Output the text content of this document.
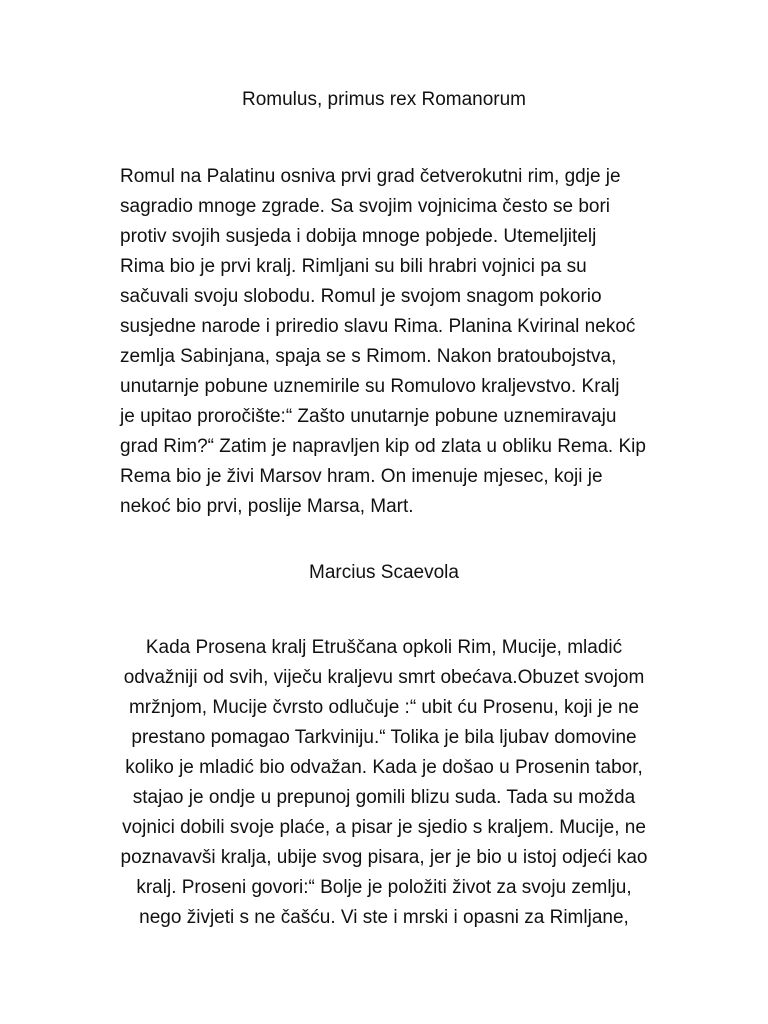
Romulus, primus rex Romanorum
Romul na Palatinu osniva prvi grad četverokutni rim, gdje je
sagradio mnoge zgrade. Sa svojim vojnicima često se bori
protiv svojih susjeda i dobija mnoge pobjede. Utemeljitelj
Rima bio je prvi kralj. Rimljani su bili hrabri vojnici pa su
sačuvali svoju slobodu. Romul je svojom snagom pokorio
susjedne narode i priredio slavu Rima. Planina Kvirinal nekoć
zemlja Sabinjana, spaja se s Rimom. Nakon bratoubojstva,
unutarnje pobune uznemirile su Romulovo kraljevstvo. Kralj
je upitao proročište:“ Zašto unutarnje pobune uznemiravaju
grad Rim?“ Zatim je napravljen kip od zlata u obliku Rema. Kip
Rema bio je živi Marsov hram. On imenuje mjesec, koji je
nekoć bio prvi, poslije Marsa, Mart.
Marcius Scaevola
Kada Prosena kralj Etruščana opkoli Rim, Mucije, mladić
odvažniji od svih, viječu kraljevu smrt obećava.Obuzet svojom
mržnjom, Mucije čvrsto odlučuje :“ ubit ću Prosenu, koji je ne
prestano pomagao Tarkviniju.“ Tolika je bila ljubav domovine
koliko je mladić bio odvažan. Kada je došao u Prosenin tabor,
stajao je ondje u prepunoj gomili blizu suda. Tada su možda
vojnici dobili svoje plaće, a pisar je sjedio s kraljem. Mucije, ne
poznavavši kralja, ubije svog pisara, jer je bio u istoj odjeći kao
kralj. Proseni govori:“ Bolje je položiti život za svoju zemlju,
nego živjeti s ne čašću. Vi ste i mrski i opasni za Rimljane,
